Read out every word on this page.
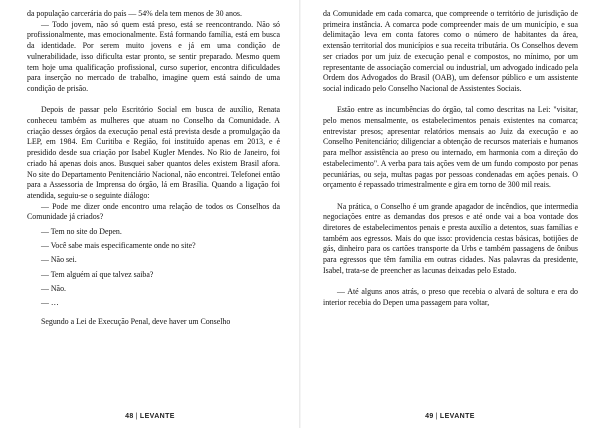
da população carcerária do país — 54% dela tem menos de 30 anos.

— Todo jovem, não só quem está preso, está se reencontrando. Não só profissionalmente, mas emocionalmente. Está formando família, está em busca da identidade. Por serem muito jovens e já em uma condição de vulnerabilidade, isso dificulta estar pronto, se sentir preparado. Mesmo quem tem hoje uma qualificação profissional, curso superior, encontra dificuldades para inserção no mercado de trabalho, imagine quem está saindo de uma condição de prisão.

Depois de passar pelo Escritório Social em busca de auxílio, Renata conheceu também as mulheres que atuam no Conselho da Comunidade. A criação desses órgãos da execução penal está prevista desde a promulgação da LEP, em 1984. Em Curitiba e Região, foi instituído apenas em 2013, e é presidido desde sua criação por Isabel Kugler Mendes. No Rio de Janeiro, foi criado há apenas dois anos. Busquei saber quantos deles existem Brasil afora. No site do Departamento Penitenciário Nacional, não encontrei. Telefonei então para a Assessoria de Imprensa do órgão, lá em Brasília. Quando a ligação foi atendida, seguiu-se o seguinte diálogo:

— Pode me dizer onde encontro uma relação de todos os Conselhos da Comunidade já criados?

— Tem no site do Depen.

— Você sabe mais especificamente onde no site?

— Não sei.

— Tem alguém aí que talvez saiba?

— Não.

— …

Segundo a Lei de Execução Penal, deve haver um Conselho

48 | LEVANTE

da Comunidade em cada comarca, que compreende o território de jurisdição de primeira instância. A comarca pode compreender mais de um município, e sua delimitação leva em conta fatores como o número de habitantes da área, extensão territorial dos municípios e sua receita tributária. Os Conselhos devem ser criados por um juiz de execução penal e compostos, no mínimo, por um representante de associação comercial ou industrial, um advogado indicado pela Ordem dos Advogados do Brasil (OAB), um defensor público e um assistente social indicado pelo Conselho Nacional de Assistentes Sociais.

Estão entre as incumbências do órgão, tal como descritas na Lei: "visitar, pelo menos mensalmente, os estabelecimentos penais existentes na comarca; entrevistar presos; apresentar relatórios mensais ao Juiz da execução e ao Conselho Penitenciário; diligenciar a obtenção de recursos materiais e humanos para melhor assistência ao preso ou internado, em harmonia com a direção do estabelecimento". A verba para tais ações vem de um fundo composto por penas pecuniárias, ou seja, multas pagas por pessoas condenadas em ações penais. O orçamento é repassado trimestralmente e gira em torno de 300 mil reais.

Na prática, o Conselho é um grande apagador de incêndios, que intermedia negociações entre as demandas dos presos e até onde vai a boa vontade dos diretores de estabelecimentos penais e presta auxílio a detentos, suas famílias e também aos egressos. Mais do que isso: providencia cestas básicas, botijões de gás, dinheiro para os cartões transporte da Urbs e também passagens de ônibus para egressos que têm família em outras cidades. Nas palavras da presidente, Isabel, trata-se de preencher as lacunas deixadas pelo Estado.

— Até alguns anos atrás, o preso que recebia o alvará de soltura e era do interior recebia do Depen uma passagem para voltar,

49 | LEVANTE
